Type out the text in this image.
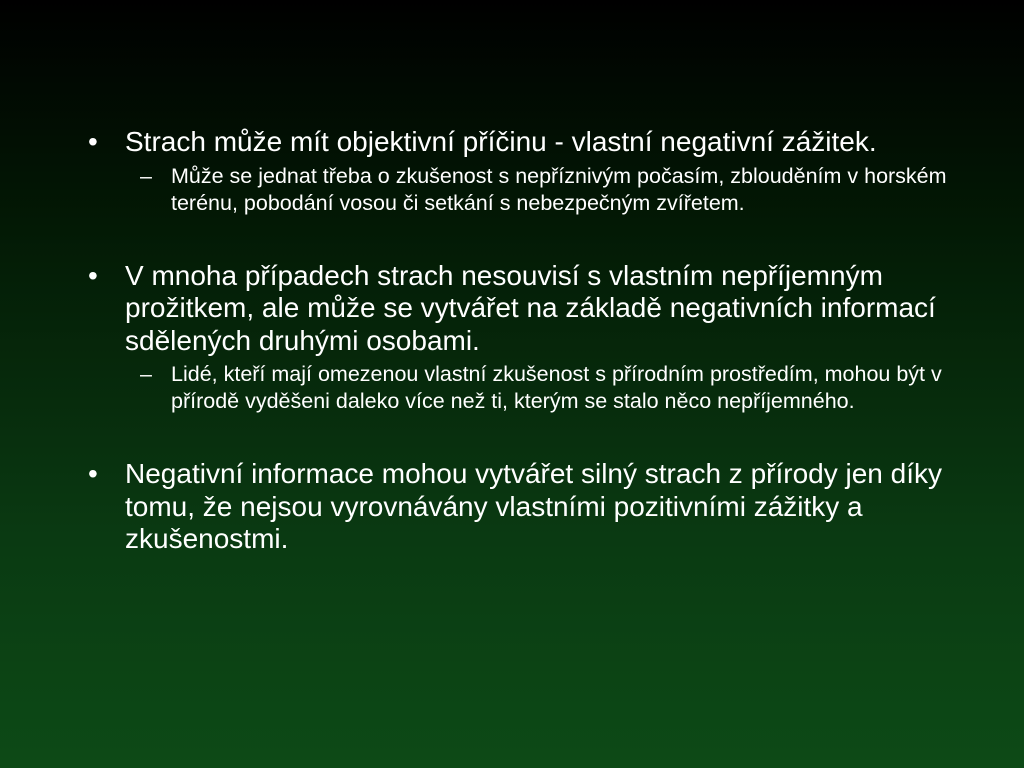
• Strach může mít objektivní příčinu - vlastní negativní zážitek.
– Může se jednat třeba o zkušenost s nepříznivým počasím, zblouděním v horském terénu, pobodání vosou či setkání s nebezpečným zvířetem.
• V mnoha případech strach nesouvisí s vlastním nepříjemným prožitkem, ale může se vytvářet na základě negativních informací sdělených druhými osobami.
– Lidé, kteří mají omezenou vlastní zkušenost s přírodním prostředím, mohou být v přírodě vyděšeni daleko více než ti, kterým se stalo něco nepříjemného.
• Negativní informace mohou vytvářet silný strach z přírody jen díky tomu, že nejsou vyrovnávány vlastními pozitivními zážitky a zkušenostmi.
